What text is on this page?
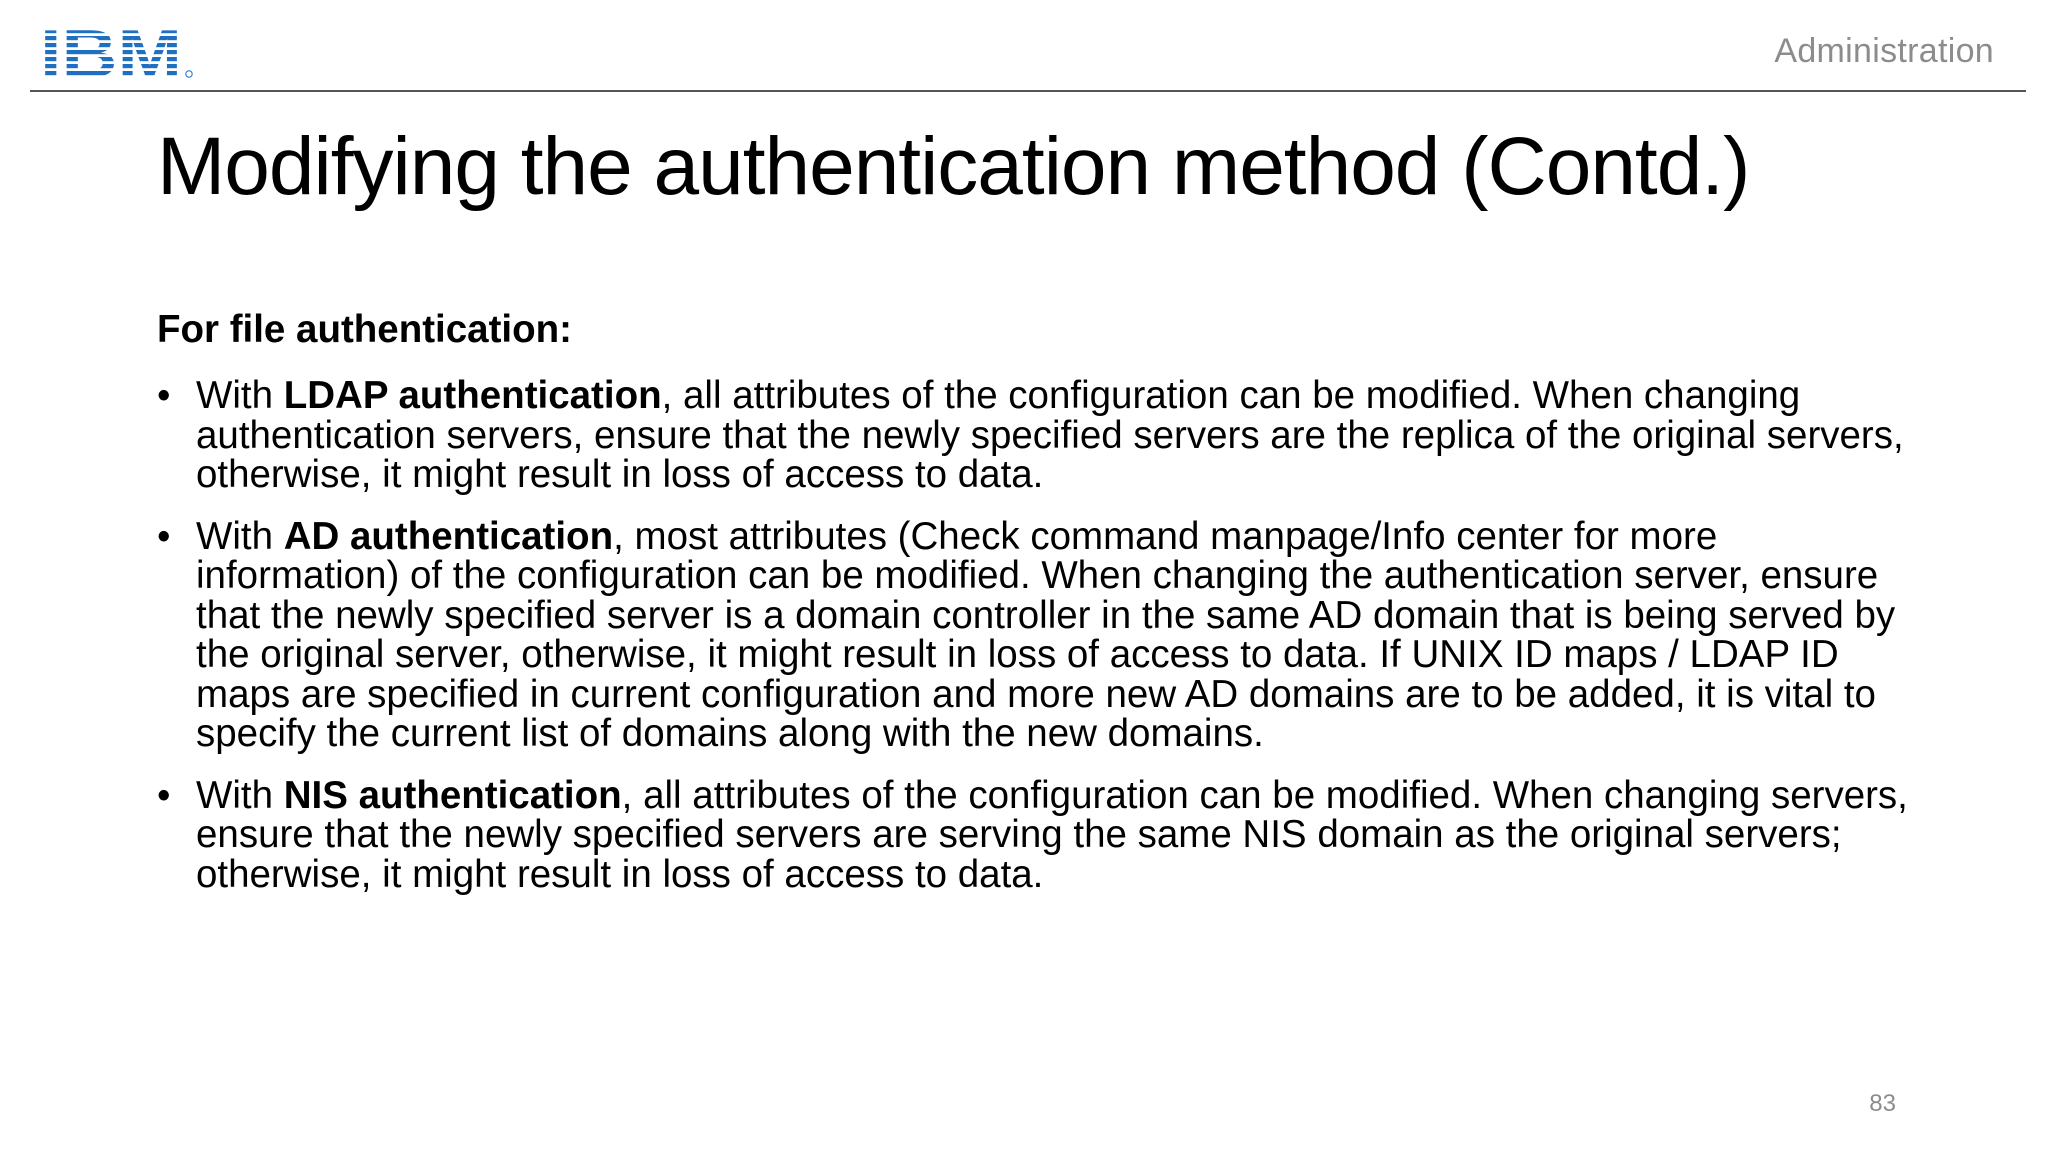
IBM	Administration
Modifying the authentication method (Contd.)
For file authentication:
• With LDAP authentication, all attributes of the configuration can be modified. When changing authentication servers, ensure that the newly specified servers are the replica of the original servers, otherwise, it might result in loss of access to data.
• With AD authentication, most attributes (Check command manpage/Info center for more information) of the configuration can be modified. When changing the authentication server, ensure that the newly specified server is a domain controller in the same AD domain that is being served by the original server, otherwise, it might result in loss of access to data. If UNIX ID maps / LDAP ID maps are specified in current configuration and more new AD domains are to be added, it is vital to specify the current list of domains along with the new domains.
• With NIS authentication, all attributes of the configuration can be modified. When changing servers, ensure that the newly specified servers are serving the same NIS domain as the original servers; otherwise, it might result in loss of access to data.
83
